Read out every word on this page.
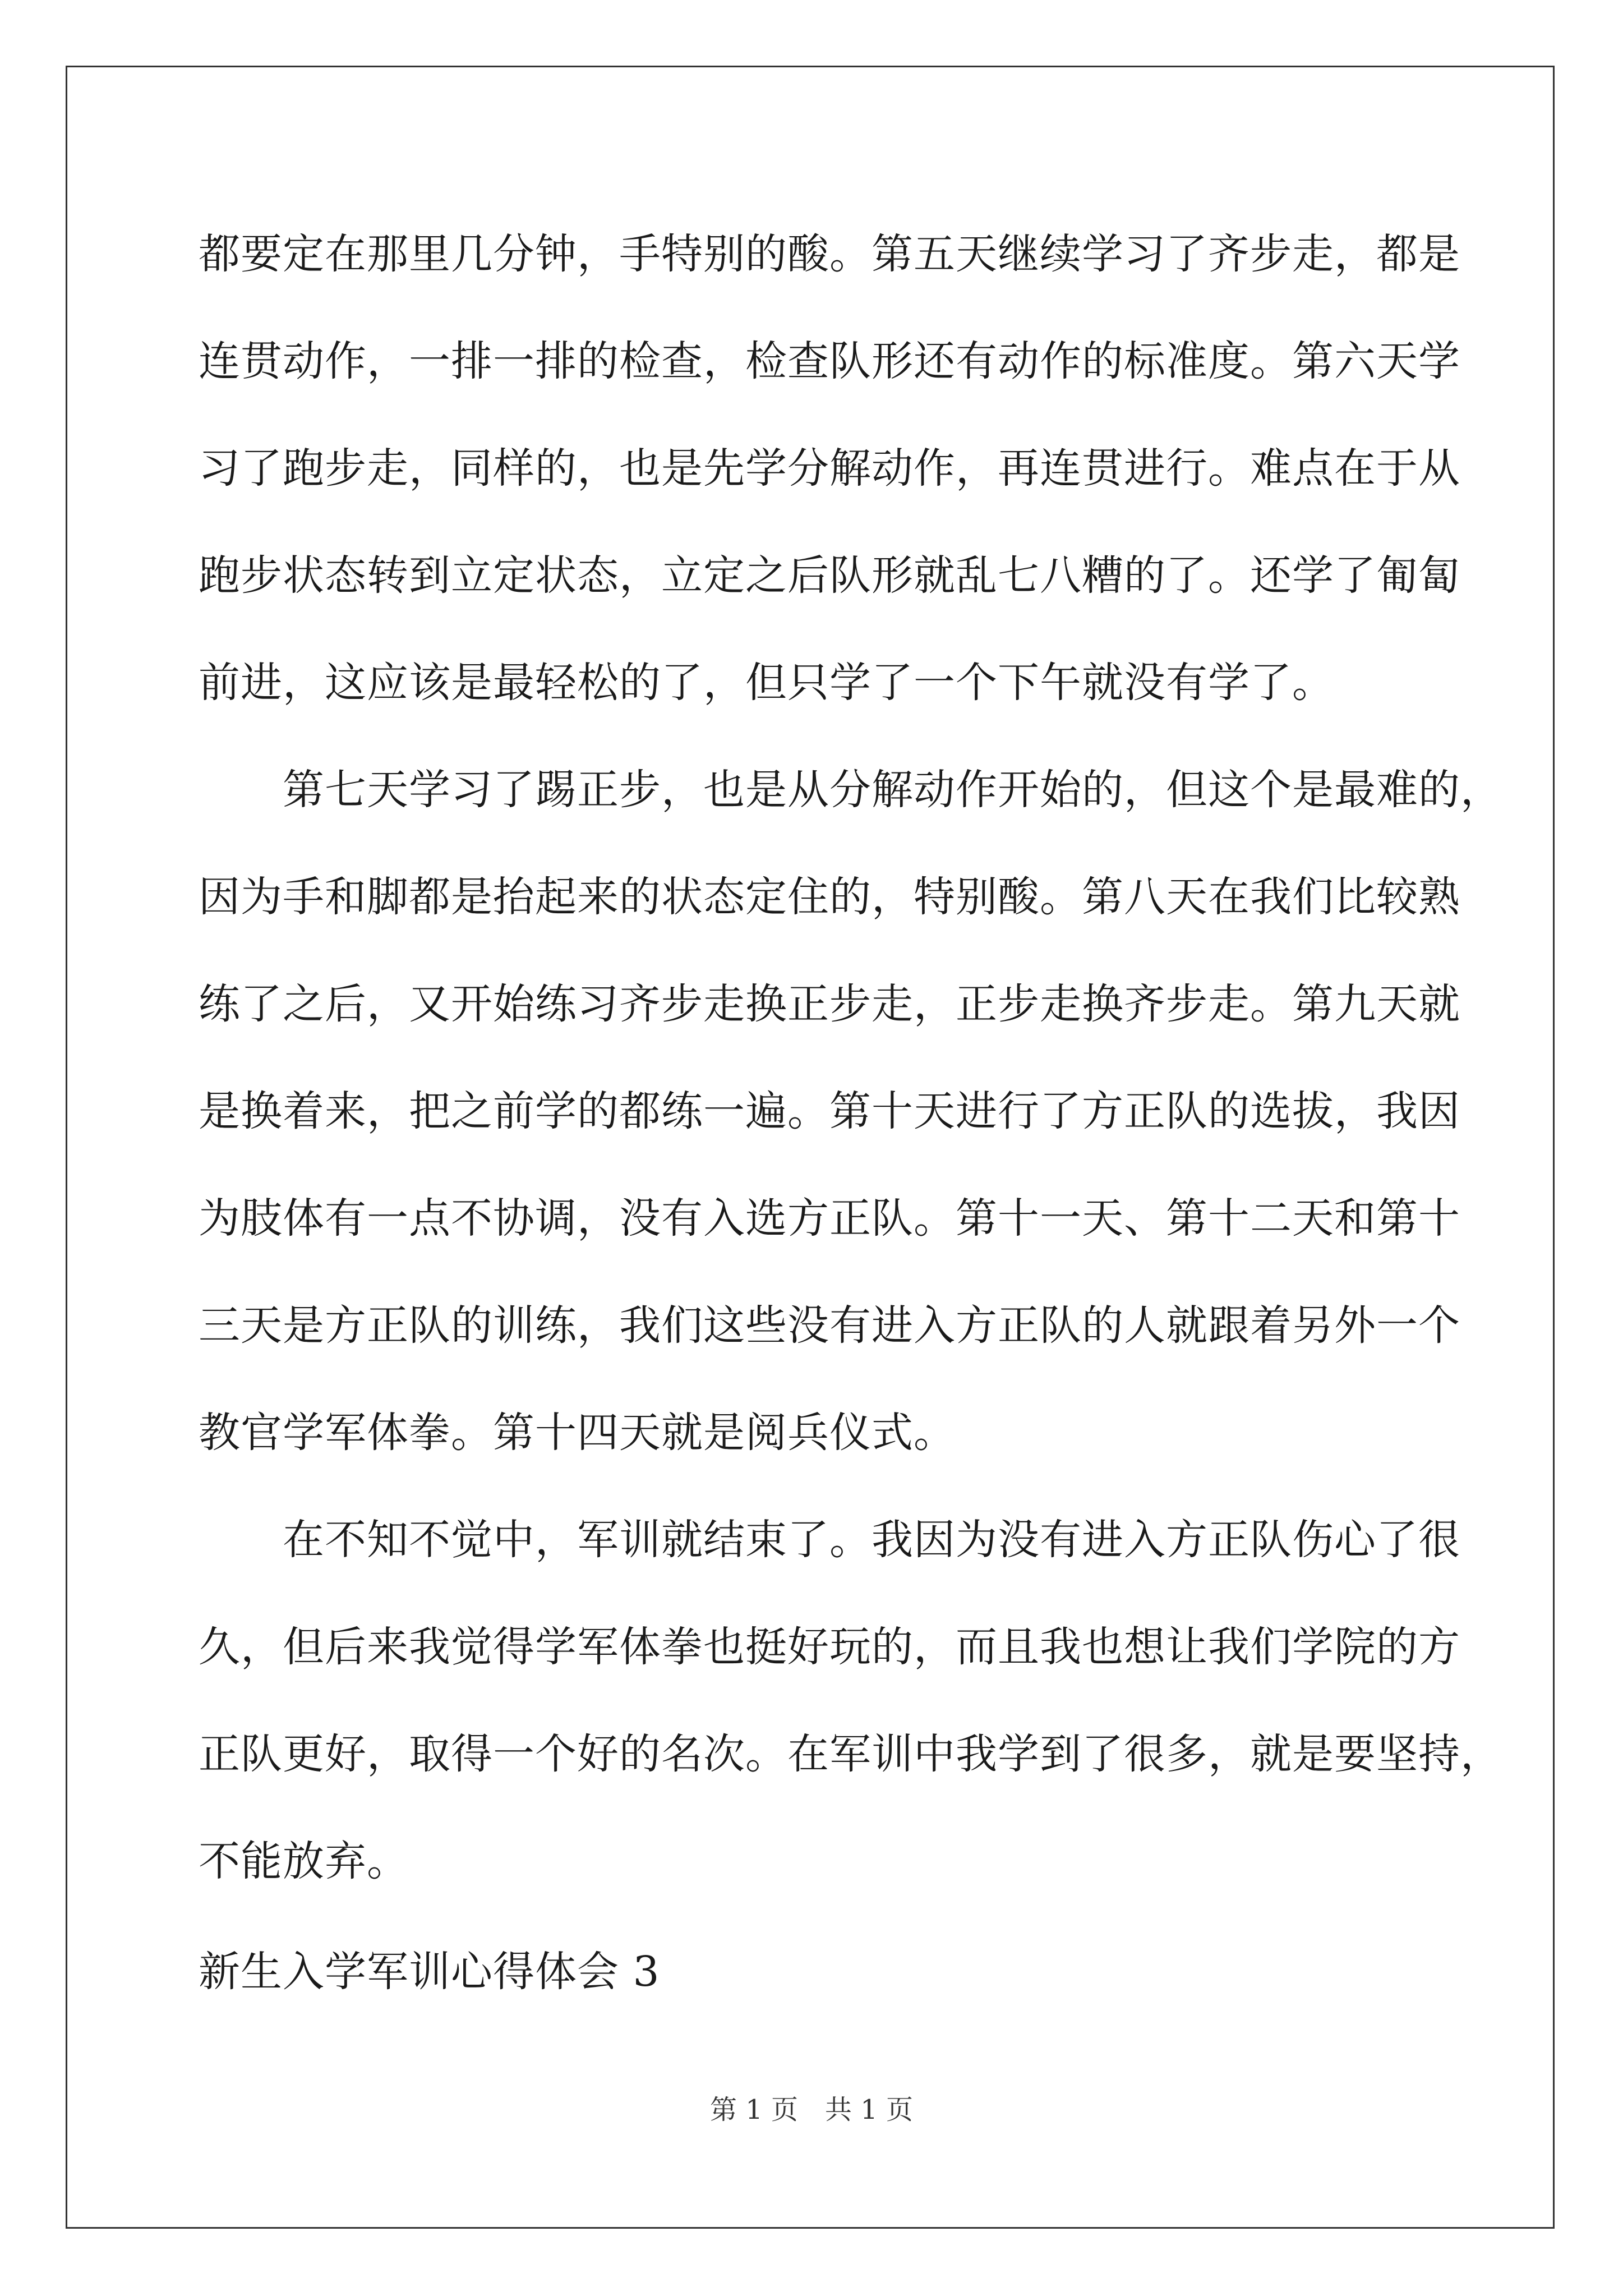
都要定在那里几分钟，手特别的酸。第五天继续学习了齐步走，都是
连贯动作，一排一排的检查，检查队形还有动作的标准度。第六天学
习了跑步走，同样的，也是先学分解动作，再连贯进行。难点在于从
跑步状态转到立定状态，立定之后队形就乱七八糟的了。还学了匍匐
前进，这应该是最轻松的了，但只学了一个下午就没有学了。
　　第七天学习了踢正步，也是从分解动作开始的，但这个是最难的，
因为手和脚都是抬起来的状态定住的，特别酸。第八天在我们比较熟
练了之后，又开始练习齐步走换正步走，正步走换齐步走。第九天就
是换着来，把之前学的都练一遍。第十天进行了方正队的选拔，我因
为肢体有一点不协调，没有入选方正队。第十一天、第十二天和第十
三天是方正队的训练，我们这些没有进入方正队的人就跟着另外一个
教官学军体拳。第十四天就是阅兵仪式。
　　在不知不觉中，军训就结束了。我因为没有进入方正队伤心了很
久，但后来我觉得学军体拳也挺好玩的，而且我也想让我们学院的方
正队更好，取得一个好的名次。在军训中我学到了很多，就是要坚持，
不能放弃。
新生入学军训心得体会 3
第 1 页　共 1 页
